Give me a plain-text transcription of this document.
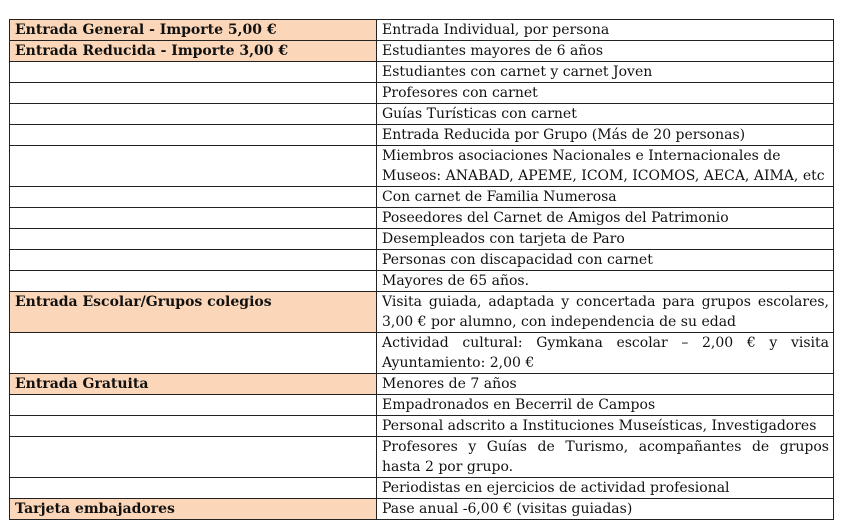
Entrada General - Importe 5,00 €	Entrada Individual, por persona
Entrada Reducida - Importe 3,00 €	Estudiantes mayores de 6 años
	Estudiantes con carnet y carnet Joven
	Profesores con carnet
	Guías Turísticas con carnet
	Entrada Reducida por Grupo (Más de 20 personas)
	Miembros asociaciones Nacionales e Internacionales de Museos: ANABAD, APEME, ICOM, ICOMOS, AECA, AIMA, etc
	Con carnet de Familia Numerosa
	Poseedores del Carnet de Amigos del Patrimonio
	Desempleados con tarjeta de Paro
	Personas con discapacidad con carnet
	Mayores de 65 años.
Entrada Escolar/Grupos colegios	Visita guiada, adaptada y concertada para grupos escolares, 3,00 € por alumno, con independencia de su edad
	Actividad cultural: Gymkana escolar – 2,00 € y visita Ayuntamiento: 2,00 €
Entrada Gratuita	Menores de 7 años
	Empadronados en Becerril de Campos
	Personal adscrito a Instituciones Museísticas, Investigadores
	Profesores y Guías de Turismo, acompañantes de grupos hasta 2 por grupo.
	Periodistas en ejercicios de actividad profesional
Tarjeta embajadores	Pase anual -6,00 € (visitas guiadas)
